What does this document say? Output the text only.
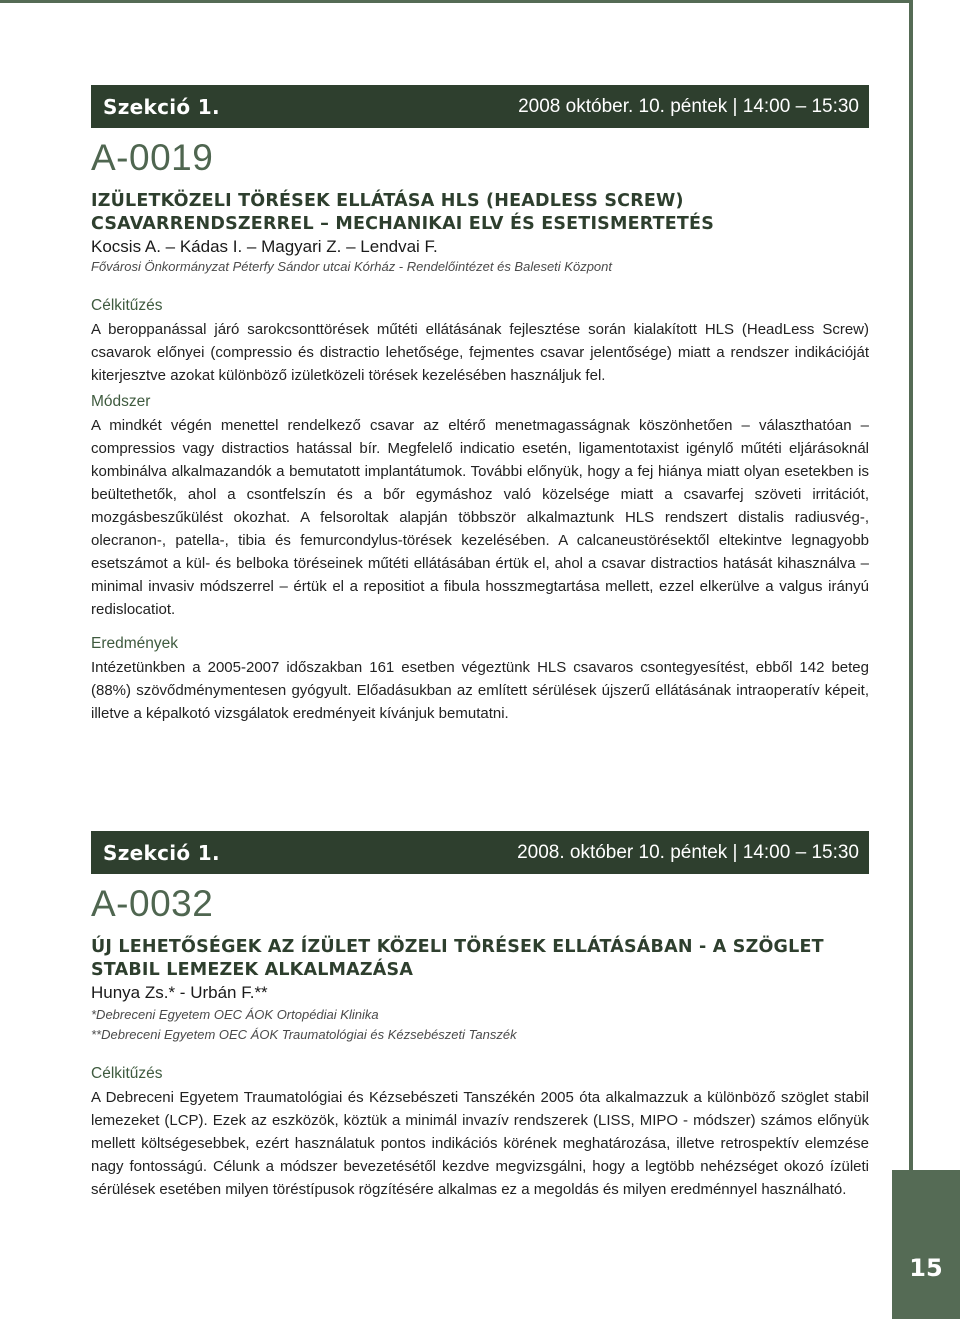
15
Szekció 1.	2008 október. 10. péntek | 14:00 – 15:30
A-0019
IZÜLETKÖZELI TÖRÉSEK ELLÁTÁSA HLS (HEADLESS SCREW)
CSAVARRENDSZERREL – MECHANIKAI ELV ÉS ESETISMERTETÉS
Kocsis A. – Kádas I. – Magyari Z. – Lendvai F.
Fővárosi Önkormányzat Péterfy Sándor utcai Kórház - Rendelőintézet és Baleseti Központ
Célkitűzés

A beroppanással járó sarokcsonttörések műtéti ellátásának fejlesztése során kialakított HLS (HeadLess Screw) csavarok előnyei (compressio és distractio lehetősége, fejmentes csavar jelentősége) miatt a rendszer indikációját kiterjesztve azokat különböző izületközeli törések kezelésében használjuk fel.

Módszer

A mindkét végén menettel rendelkező csavar az eltérő menetmagasságnak köszönhetően – választhatóan – compressios vagy distractios hatással bír. Megfelelő indicatio esetén, ligamentotaxist igénylő műtéti eljárásoknál kombinálva alkalmazandók a bemutatott implantátumok. További előnyük, hogy a fej hiánya miatt olyan esetekben is beültethetők, ahol a csontfelszín és a bőr egymáshoz való közelsége miatt a csavarfej szöveti irritációt, mozgásbeszűkülést okozhat. A felsoroltak alapján többször alkalmaztunk HLS rendszert distalis radiusvég-, olecranon-, patella-, tibia és femurcondylus-törések kezelésében. A calcaneustörésektől eltekintve legnagyobb esetszámot a kül- és belboka töréseinek műtéti ellátásában értük el, ahol a csavar distractios hatását kihasználva – minimal invasiv módszerrel – értük el a repositiot a fibula hosszmegtartása mellett, ezzel elkerülve a valgus irányú redislocatiot.

Eredmények

Intézetünkben a 2005-2007 időszakban 161 esetben végeztünk HLS csavaros csontegyesítést, ebből 142 beteg (88%) szövődménymentesen gyógyult. Előadásukban az említett sérülések újszerű ellátásának intraoperatív képeit, illetve a képalkotó vizsgálatok eredményeit kívánjuk bemutatni.

Szekció 1.	2008. október 10. péntek | 14:00 – 15:30
A-0032
ÚJ LEHETŐSÉGEK AZ ÍZÜLET KÖZELI TÖRÉSEK ELLÁTÁSÁBAN - A SZÖGLET
STABIL LEMEZEK ALKALMAZÁSA
Hunya Zs.* - Urbán F.**
*Debreceni Egyetem OEC ÁOK Ortopédiai Klinika
**Debreceni Egyetem OEC ÁOK Traumatológiai és Kézsebészeti Tanszék
Célkitűzés

A Debreceni Egyetem Traumatológiai és Kézsebészeti Tanszékén 2005 óta alkalmazzuk a különböző szöglet stabil lemezeket (LCP). Ezek az eszközök, köztük a minimál invazív rendszerek (LISS, MIPO - módszer) számos előnyük mellett költségesebbek, ezért használatuk pontos indikációs körének meghatározása, illetve retrospektív elemzése nagy fontosságú. Célunk a módszer bevezetésétől kezdve megvizsgálni, hogy a legtöbb nehézséget okozó ízületi sérülések esetében milyen töréstípusok rögzítésére alkalmas ez a megoldás és milyen eredménnyel használható.
